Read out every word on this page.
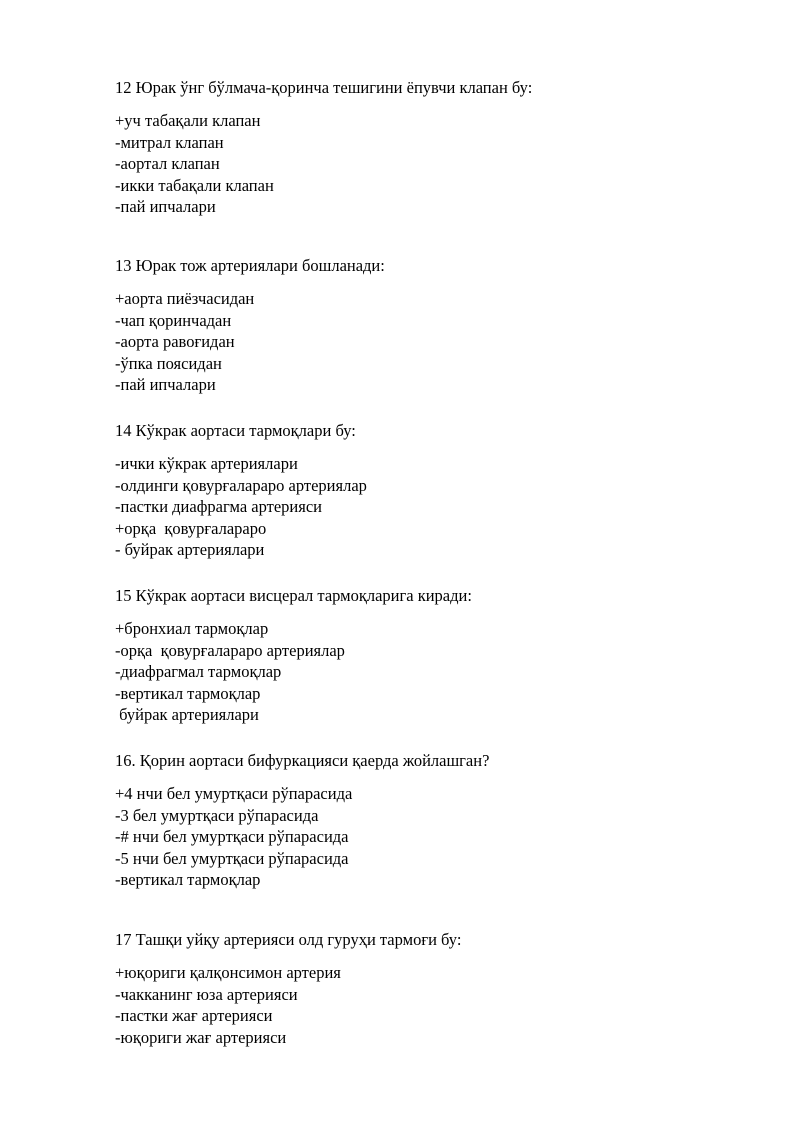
12 Юрак ўнг бўлмача-қоринча тешигини ёпувчи клапан бу:

+уч табақали клапан
-митрал клапан
-аортал клапан
-икки табақали клапан
-пай ипчалари

13 Юрак тож артериялари бошланади:

+аорта пиёзчасидан
-чап қоринчадан
-аорта равоғидан
-ўпка поясидан
-пай ипчалари

14 Кўкрак аортаси тармоқлари бу:

-ички кўкрак артериялари
-олдинги қовурғалараро артериялар
-пастки диафрагма артерияси
+орқа  қовурғалараро
- буйрак артериялари

15 Кўкрак аортаси висцерал тармоқларига киради:

+бронхиал тармоқлар
-орқа  қовурғалараро артериялар
-диафрагмал тармоқлар
-вертикал тармоқлар
буйрак артериялари

16. Қорин аортаси бифуркацияси қаерда жойлашган?

+4 нчи бел умуртқаси рўпарасида
-3 бел умуртқаси рўпарасида
-# нчи бел умуртқаси рўпарасида
-5 нчи бел умуртқаси рўпарасида
-вертикал тармоқлар

17 Ташқи уйқу артерияси олд гуруҳи тармоғи бу:

+юқориги қалқонсимон артерия
-чакканинг юза артерияси
-пастки жағ артерияси
-юқориги жағ артерияси
